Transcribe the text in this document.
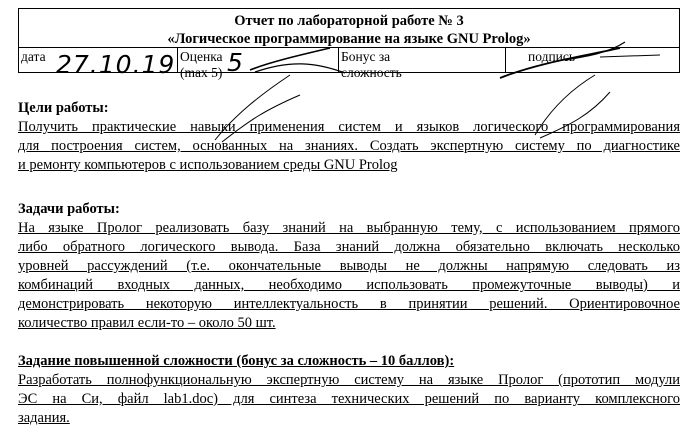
Отчет по лабораторной работе № 3
«Логическое программирование на языке GNU Prolog»
дата	Оценка
(max 5)
Бонус за
сложность
подпись
27.10.19 5
Цели работы:
Получить практические навыки применения систем и языков логического программирования
для построения систем, основанных на знаниях. Создать экспертную систему по диагностике
и ремонту компьютеров с использованием среды GNU Prolog
Задачи работы:
На языке Пролог реализовать базу знаний на выбранную тему, с использованием прямого
либо обратного логического вывода. База знаний должна обязательно включать несколько
уровней рассуждений (т.е. окончательные выводы не должны напрямую следовать из
комбинаций входных данных, необходимо использовать промежуточные выводы) и
демонстрировать некоторую интеллектуальность в принятии решений. Ориентировочное
количество правил если-то – около 50 шт.
Задание повышенной сложности (бонус за сложность – 10 баллов):
Разработать полнофункциональную экспертную систему на языке Пролог (прототип модули
ЭС на Си, файл lab1.doc) для синтеза технических решений по варианту комплексного
задания.
